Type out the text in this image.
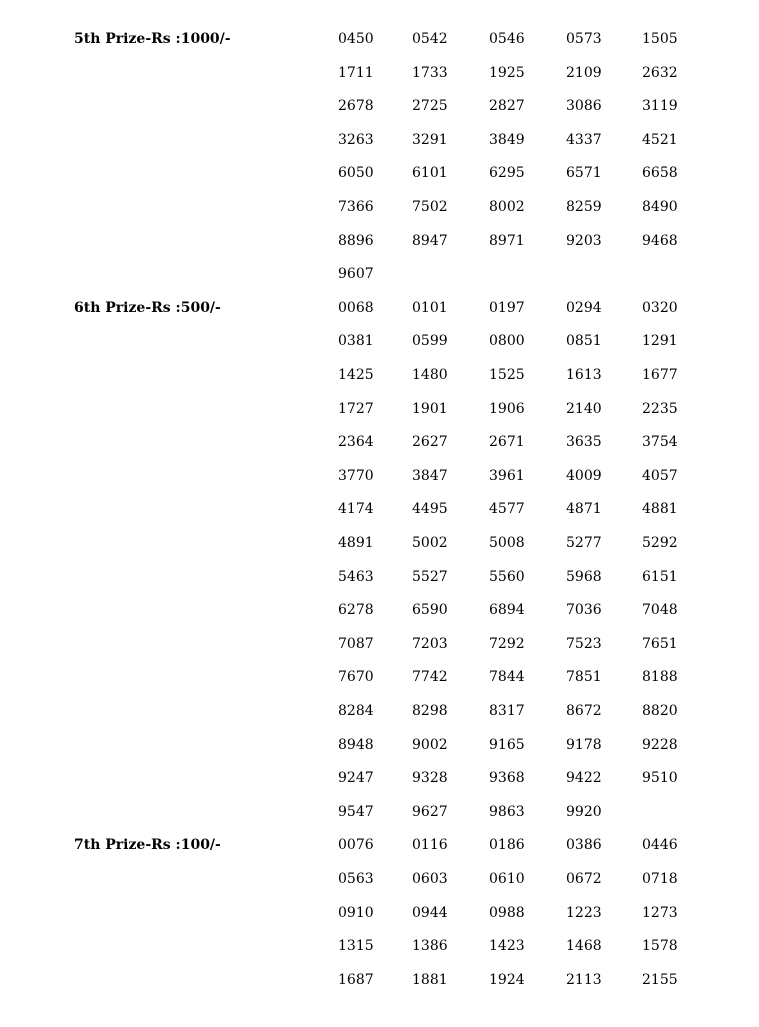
5th Prize-Rs :1000/-	0450	0542	0546	0573	1505
1711	1733	1925	2109	2632
2678	2725	2827	3086	3119
3263	3291	3849	4337	4521
6050	6101	6295	6571	6658
7366	7502	8002	8259	8490
8896	8947	8971	9203	9468
9607
6th Prize-Rs :500/-	0068	0101	0197	0294	0320
0381	0599	0800	0851	1291
1425	1480	1525	1613	1677
1727	1901	1906	2140	2235
2364	2627	2671	3635	3754
3770	3847	3961	4009	4057
4174	4495	4577	4871	4881
4891	5002	5008	5277	5292
5463	5527	5560	5968	6151
6278	6590	6894	7036	7048
7087	7203	7292	7523	7651
7670	7742	7844	7851	8188
8284	8298	8317	8672	8820
8948	9002	9165	9178	9228
9247	9328	9368	9422	9510
9547	9627	9863	9920
7th Prize-Rs :100/-	0076	0116	0186	0386	0446
0563	0603	0610	0672	0718
0910	0944	0988	1223	1273
1315	1386	1423	1468	1578
1687	1881	1924	2113	2155
